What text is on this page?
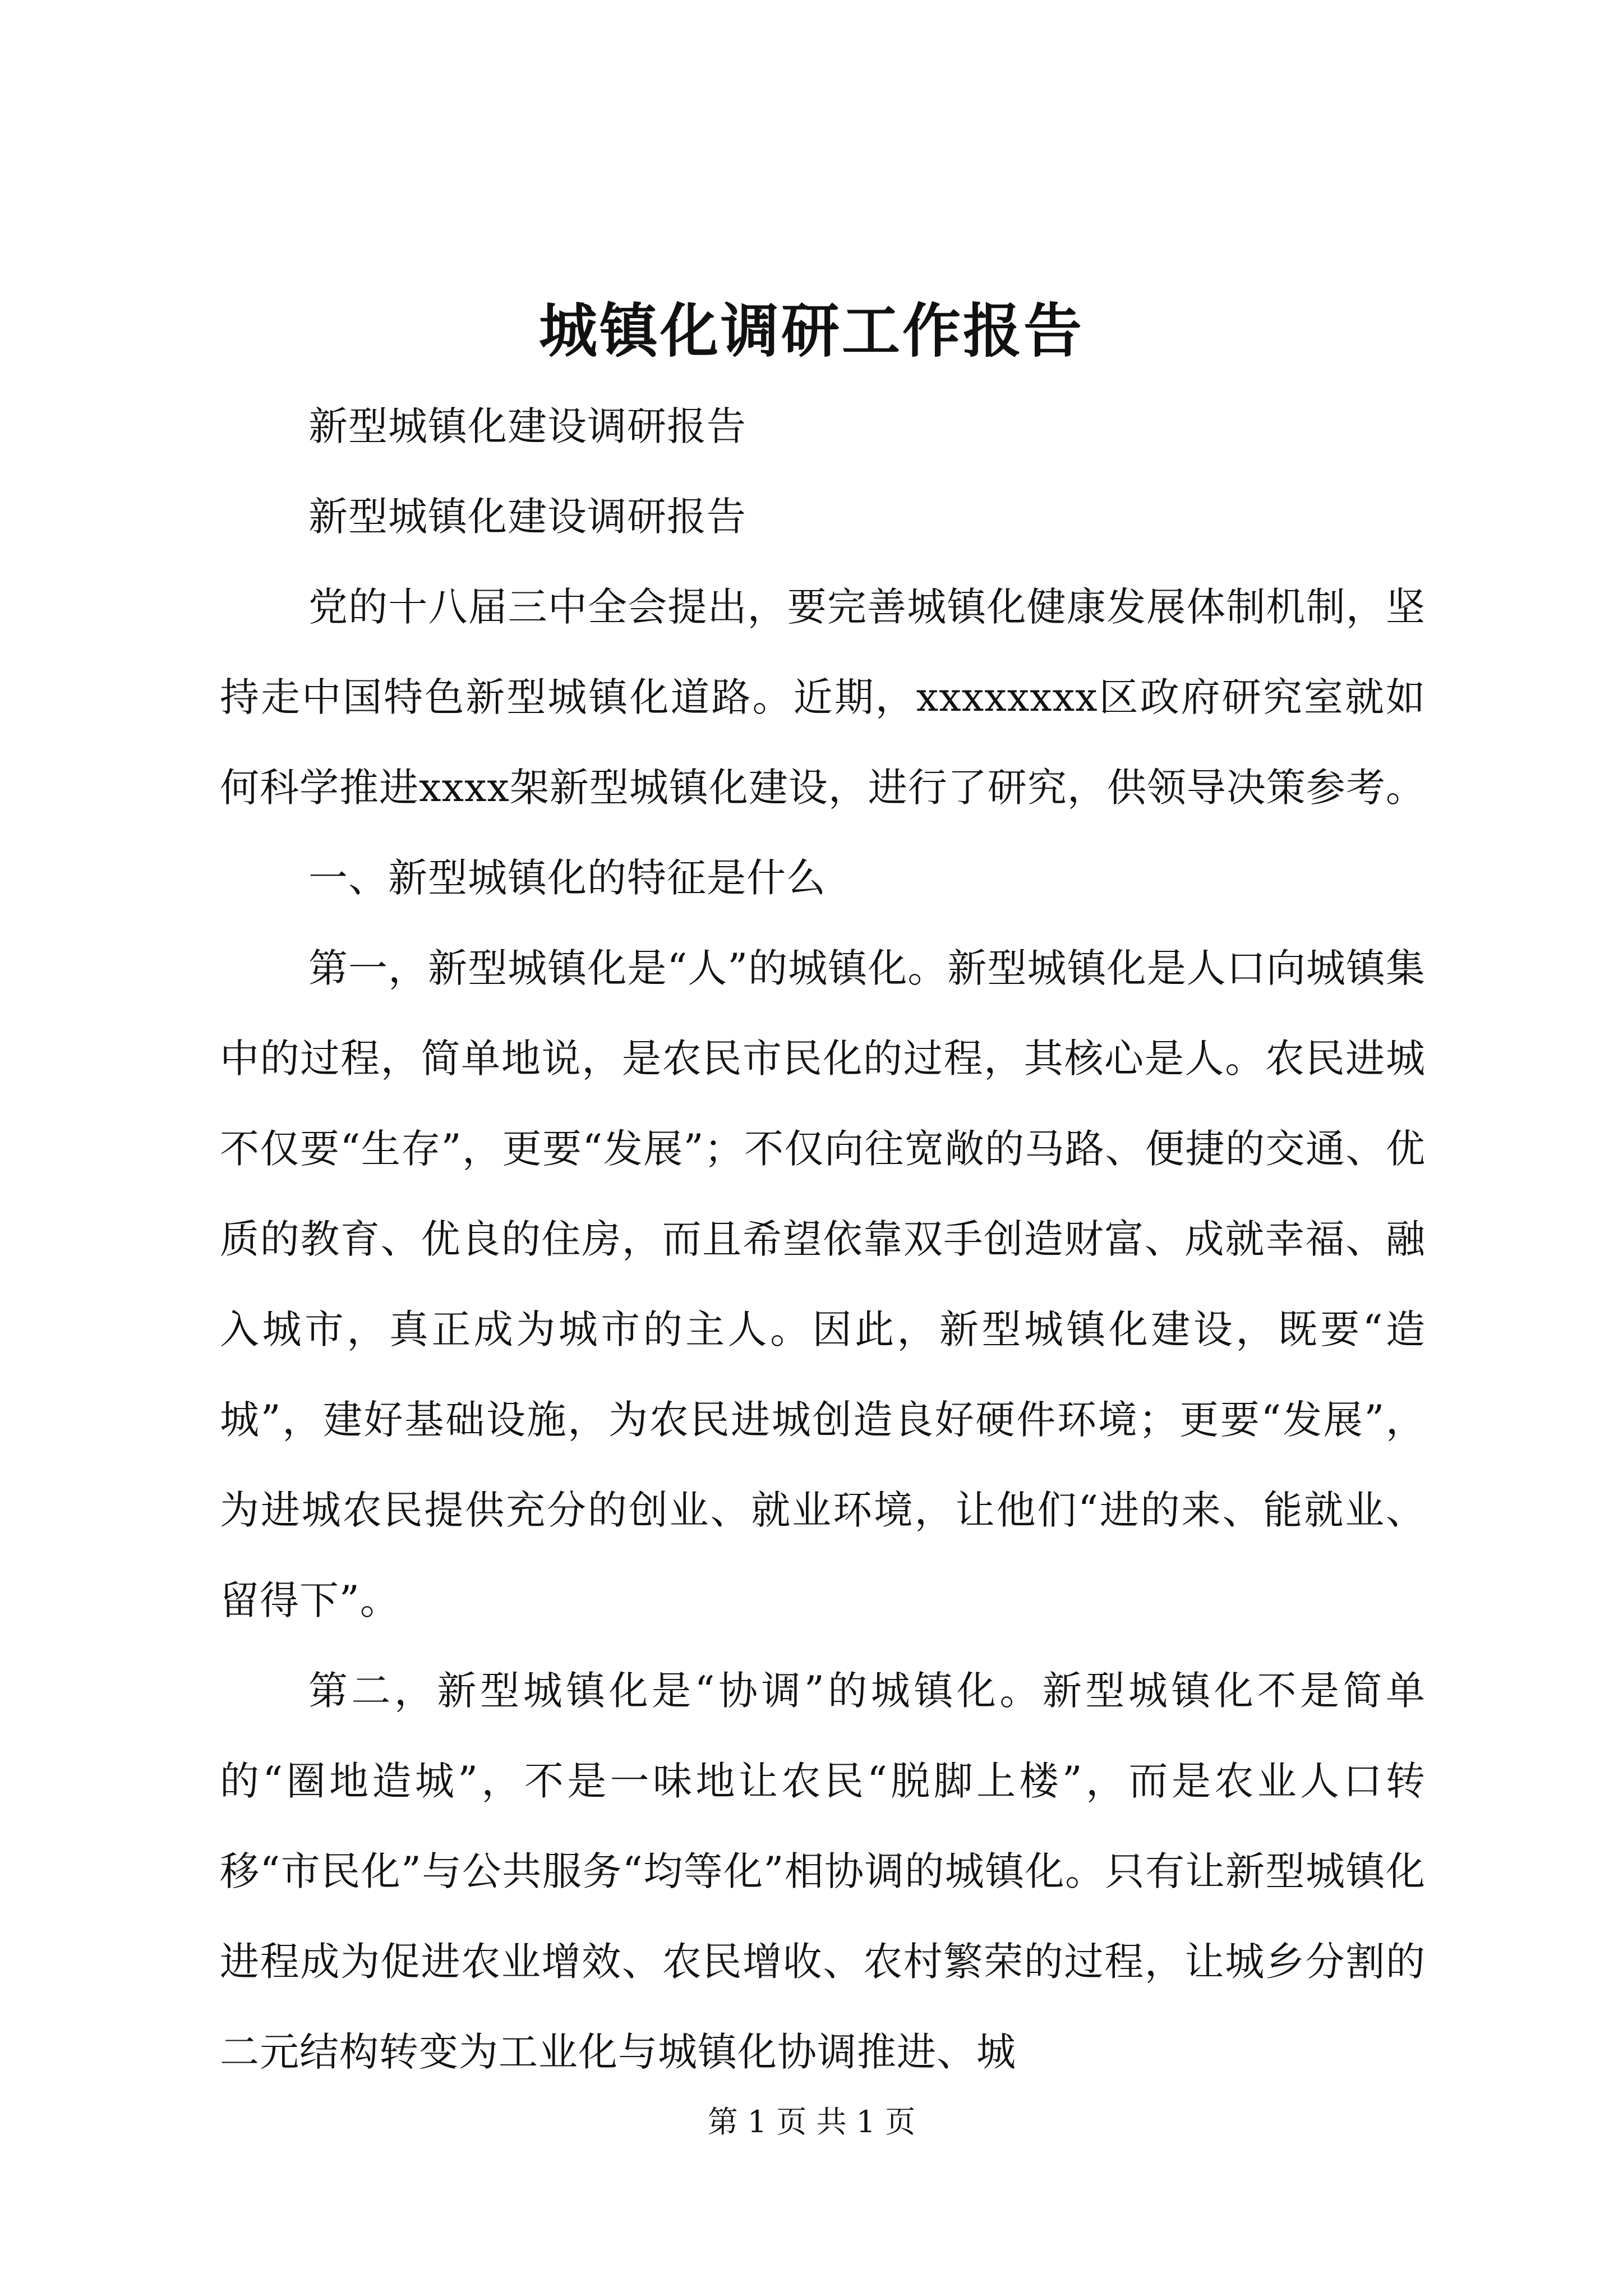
城镇化调研工作报告

新型城镇化建设调研报告

新型城镇化建设调研报告

党的十八届三中全会提出，要完善城镇化健康发展体制机制，坚持走中国特色新型城镇化道路。近期，xxxxxxxx区政府研究室就如何科学推进xxxx架新型城镇化建设，进行了研究，供领导决策参考。

一、新型城镇化的特征是什么

第一，新型城镇化是“人”的城镇化。新型城镇化是人口向城镇集中的过程，简单地说，是农民市民化的过程，其核心是人。农民进城不仅要“生存”，更要“发展”；不仅向往宽敞的马路、便捷的交通、优质的教育、优良的住房，而且希望依靠双手创造财富、成就幸福、融入城市，真正成为城市的主人。因此，新型城镇化建设，既要“造城”，建好基础设施，为农民进城创造良好硬件环境；更要“发展”，为进城农民提供充分的创业、就业环境，让他们“进的来、能就业、留得下”。

第二，新型城镇化是“协调”的城镇化。新型城镇化不是简单的“圈地造城”，不是一味地让农民“脱脚上楼”，而是农业人口转移“市民化”与公共服务“均等化”相协调的城镇化。只有让新型城镇化进程成为促进农业增效、农民增收、农村繁荣的过程，让城乡分割的二元结构转变为工业化与城镇化协调推进、城

第 1 页 共 1 页
